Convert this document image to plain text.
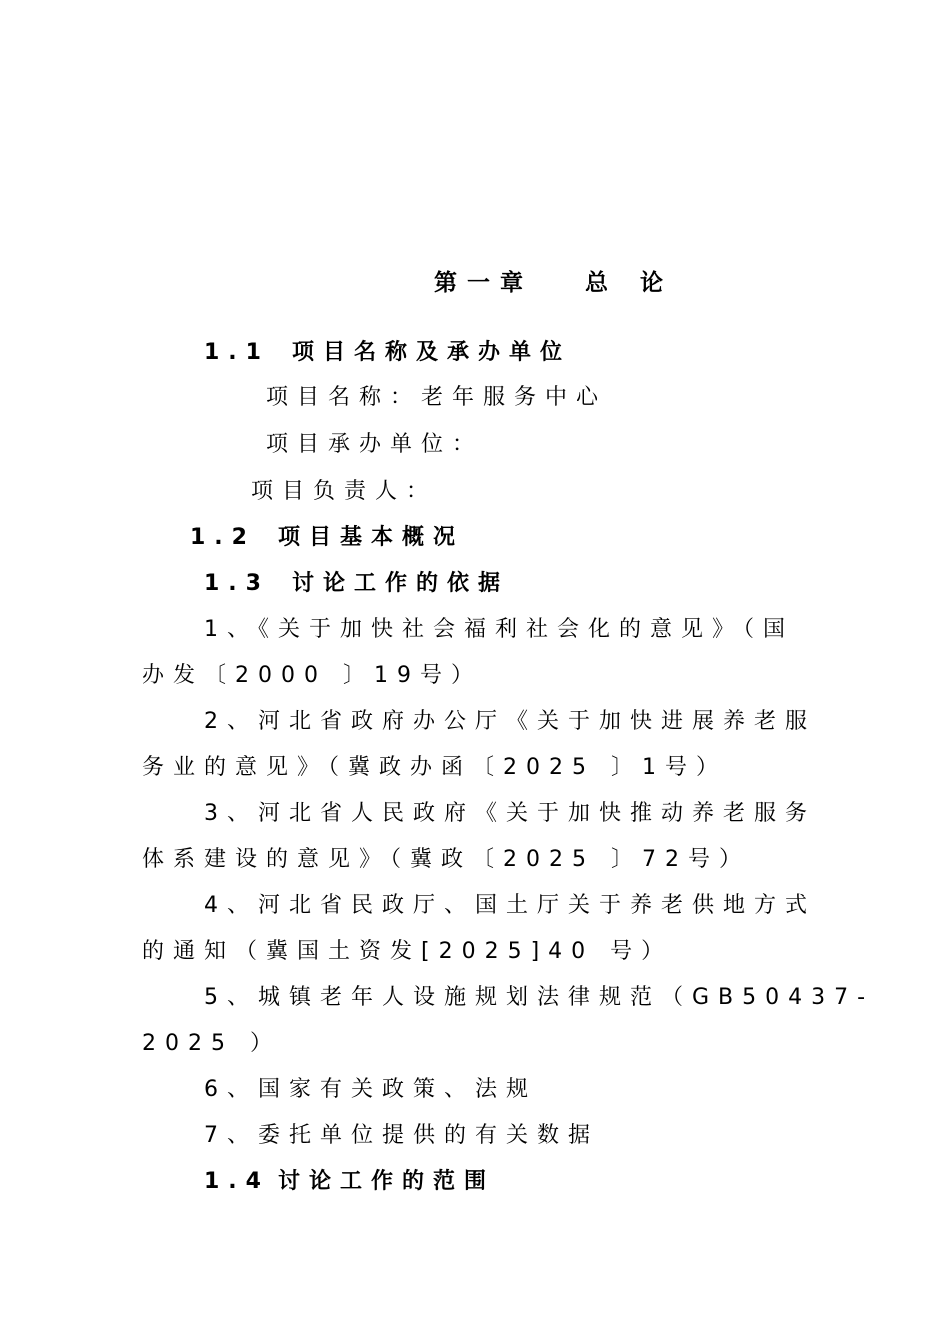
第一章 总 论
1.1 项目名称及承办单位
项目名称：老年服务中心
项目承办单位：
项目负责人：
1.2 项目基本概况
1.3 讨论工作的依据
1、《关于加快社会福利社会化的意见》（国
办发〔2000 〕19号）
2、河北省政府办公厅《关于加快进展养老服
务业的意见》（冀政办函〔2025 〕1号）
3、河北省人民政府《关于加快推动养老服务
体系建设的意见》（冀政〔2025 〕72号）
4、河北省民政厅、国土厅关于养老供地方式
的通知（冀国土资发[2025]40 号）
5、城镇老年人设施规划法律规范（GB50437-
2025 ）
6、国家有关政策、法规
7、委托单位提供的有关数据
1.4 讨论工作的范围
